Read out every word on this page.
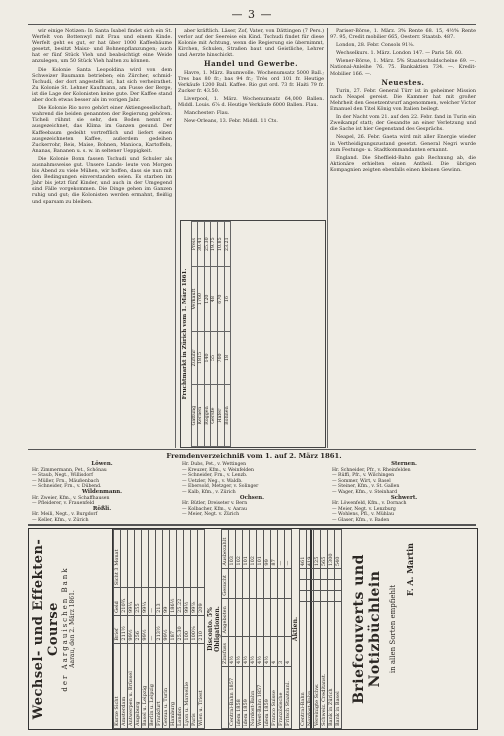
— 3 —

wir einige Notizen: In Santa Isabel findet sich ein St. Werfelt von Bottenwyl mit Frau und einem Kinde. Werfelt geht es gut, er hat über 1000 Kaffeebäume gesetzt, besitzt Maisz- und Bohnenpflanzungen; auch hat er fünf Stück Vieh und beabsichtigt eine Weide anzulegen, um 50 Stück Vieh halten zu können.

Die Kolonie Santa Leopoldina wird von dem Schweizer Baumann betrieben; ein Zürcher, schmid-Tschudi, der dort angestellt ist, hat sich verheirathet. Zu Kolonie St. Lehner Kaufmann, am Fusse der Berge, ist die Lage der Kolonisten keine gute. Der Kaffee stand aber doch etwas besser als im vorigen Jahr.

Die Kolonie Rio novo gehört einer Aktiengesellschaft, wahrend die beiden genannten der Regierung gehören. Ticheli rühmt sie sehr, den Boden nennt er ausgezeichnet, das Klima im Ganzen gesund. Der Kaffeebaum gedeiht vortrefflich und liefert einen ausgezeichneten Kaffee, außerdem gedeihen Zuckerrohr, Reis, Maise, Bohnen, Manioca, Kartoffeln, Ananas, Bananen u. s. w. in seltener Ueppigkeit.

Die Kolonie Bonn fassen Tschudi und Schuler als ausnahmsweise gut. Unsere Lands- leute von Morgen bis Abend zu viele Mühen, wir hoffen, dass sie nun mit den Bedingungen einverstanden seien. Es starben im Jahr bis jetzt fünf Kinder, und auch in der Umgegend sind Fälle vorgekommen. Die Dinge gehen im Ganzen ruhig und gut; die Kolonisten werden ermahnt, fleißig und sparsam zu bleiben.

aber kräftlich. Läser, Zof, Vater, von Dättingen (7 Pers.) verlor auf der Seereise ein Kind. Tschudi findet für diese Kolonie mit Achtung, wenn die Regierung sie übernimmt, Kirchen, Schulen, Straßen baut und Geistliche, Lehrer und Aerzte hinschickt.

Handel und Gewerbe.

Havre, 1. März. Baumwolle. Wochenumsatz 5000 Ball.; Tres bas 80 fr.; bas 94 fr.; Très ord 101 fr. Heutige Verkäufe 1200 Ball. Kaffee. Rio gut ord. 73 fr. Haiti 79 fr. Zucker fr. 43.50.

Liverpool, 1. März. Wochenumsatz 64,000 Ballen. Middl. Louis. 6⅞ d. Heutige Verkäufe 6000 Ballen. Flau.

Manchester: Flau.

New-Orleans, 13. Febr. Middl. 11 Cts.

Fruchtmarkt in Zürich vom 1. März 1861.
Gattung	Zufuhr	Verkauft	Preis
Kernen	1815	1760	30.41
Roggen	140	120	25.30
Gerste	55	48	19.75
Hafer	760	670	10.85
Bohnen	18	16	23.21

Pariser-Börse, 1. März. 3% Rente 68. 15, 4½% Rente 97. 95, Credit mobilier 665, Oesterr. Staatsb. 487.

London, 28. Febr. Consols 91⅛.

Wechselkurs. 1. März. London 147. — Paris 58. 60.

Wiener-Börse, 1. März. 5% Staatsschuldscheine 69. —. National-Anleihe 76. 75. Bankaktien 734. —. Kredit-Mobilier 166. —.

Neuestes.

Turin, 27. Febr. General Türr ist in geheimer Mission nach Neapel gereist. Die Kammer hat mit großer Mehrheit den Gesetzentwurf angenommen, welcher Victor Emanuel den Titel König von Italien beilegt.

In der Nacht vom 21. auf den 22. Febr. fand in Turin ein Zweikampf statt; der Gesandte an einer Verletzung und die Sache ist hier Gegenstand des Gesprächs.

Neapel, 26. Febr. Gaeta wird mit aller Energie wieder in Vertheidigungszustand gesetzt. General Negri wurde zum Festungs- u. Stadtkommandanten ernannt.

England. Die Sheffield-Bahn gab Rechnung ab, die Aktionäre erhielten einen Antheil. Die übrigen Kompagnien zeigten ebenfalls einen kleinen Gewinn.

Fremdenverzeichniß vom 1. auf 2. März 1861.
Löwen.
Hr. Zimmermann, Pet., Schönau
— Staub, Negt., Willisdorf
— Müller, Frn., Mäußenbach
— Schneider, Frn., v. Dübend.
Wildenmann.
Hr. Zweier, Kfm., v. Schaffhausen
— Pfleiderer, v. Frauenfeld
Rößli.
Hr. Meili, Negt., v. Burgdorf
— Keller, Kfm., v. Zürich
Hr. Dubs, Pet., v. Wettingen
— Kreuzer, Kfm., v. Weinfelden
— Schneider, Frn., v. Lenzb.
— Uetzler, Neg., v. Waldb.
— Ebersold, Metzger, v. Solinger
— Kalb, Kfm., v. Zürich
Ochsen.
Hr. Bütler, Dreiseter v. Bern
— Kolbacher, Kfm., v. Aarau
— Meier, Negt. v. Zürich
Sternen.
Hr. Schneider, Pfr., v. Rheinfelden
— Rüffi, Pfr., v. Wilchingen
— Sommer, Wirt, v. Basel
— Steiner, Kfm., v. St. Gallen
— Wager, Kfm., v. Steinhard
Schwert.
Hr. Löwenfeld, Kfm., v. Dornach
— Meier, Negt. v. Lenzburg
— Wohlens, Pfl., v. Mühlau
— Glaser, Kfm., v. Baden
Wechsel- und Effekten-Course der Aargauischen Bank Aarau, den 2. März 1861.
Kurze Sicht	Brief	Geld	Sicht 3 Monat
Amsterdam	211½	210¾	
Antwerpen u. Brüssel	99½	99¼	
Augsburg	256	255	
Basel u. Leipzig	99½	99¼	
Berlin u. Leipzig	—	—	
Frankfurt	213½	213	
Genua u. Turin	99½	99	
Hamburg	187	186½	
London	25.30	25.22	
Lyon u. Marseille	100	99½	
Paris	100⅛	99⅞	
Wien u. Triest	210	209	Disconto. 5% Obligationen.
	Zinsfuss	Angeboten	Gesucht	Ausbezahlt
Central-Bahn 1857	4½			103
idem 1858	4½			102
idem 1859	4½			101
Nordost-Bahn	4½			102
West-Bahn 1857	4½			101
idem 1859	4½			99
Franco Suisse	4			87
Französische	3			—
Fritsch Staatsanl.	4			—
Aktien.
Central-Bahn				461
Nordost-Bahn				419
Vereinigte Schw.				125
Schweiz. Creditanst.				565
Bank in Zürich				1300
Bank in Basel				540 Briefcouverts und Notizbüchlein in allen Sorten empfiehlt
F. A. Martin
